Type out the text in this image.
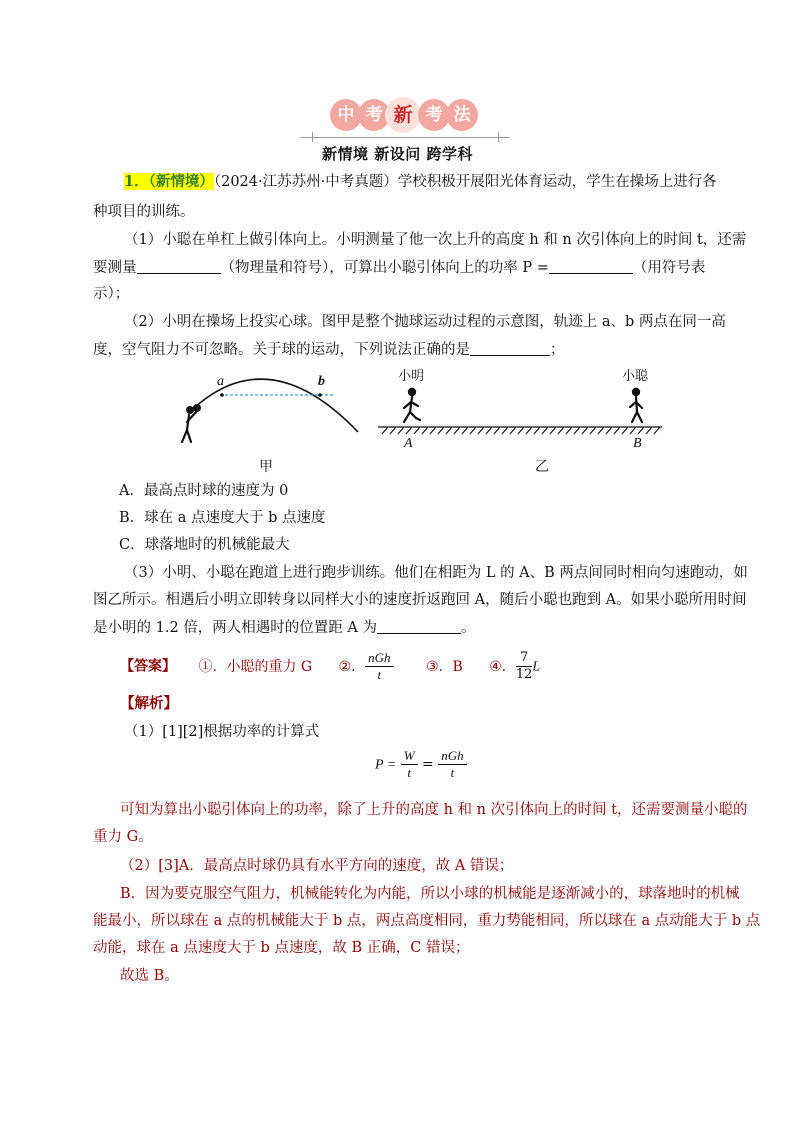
中 考 新 考 法
新情境 新设问 跨学科
1．（新情境）（2024·江苏苏州·中考真题）学校积极开展阳光体育运动，学生在操场上进行各
种项目的训练。
（1）小聪在单杠上做引体向上。小明测量了他一次上升的高度 h 和 n 次引体向上的时间 t，还需
要测量	（物理量和符号），可算出小聪引体向上的功率 P =	（用符号表
示）；
（2）小明在操场上投实心球。图甲是整个抛球运动过程的示意图，轨迹上 a、b 两点在同一高
度，空气阻力不可忽略。关于球的运动，下列说法正确的是	；
a	b
甲
小明	小聪
A	B
乙
A．最高点时球的速度为 0
B．球在 a 点速度大于 b 点速度
C．球落地时的机械能最大
（3）小明、小聪在跑道上进行跑步训练。他们在相距为 L 的 A、B 两点间同时相向匀速跑动，如
图乙所示。相遇后小明立即转身以同样大小的速度折返跑回 A，随后小聪也跑到 A。如果小聪所用时间
是小明的 1.2 倍，两人相遇时的位置距 A 为	。
【答案】 ①．小聪的重力 G ②． $\frac{\text{nGh}}{t}$ ③．B ④． $\frac{7}{12}$ L
【解析】
（1）[1][2]根据功率的计算式
$P = \frac{W}{t} = \frac{\text{nGh}}{t}$
可知为算出小聪引体向上的功率，除了上升的高度 h 和 n 次引体向上的时间 t，还需要测量小聪的
重力 G。
（2）[3]A．最高点时球仍具有水平方向的速度，故 A 错误；
B．因为要克服空气阻力，机械能转化为内能，所以小球的机械能是逐渐减小的，球落地时的机械
能最小，所以球在 a 点的机械能大于 b 点，两点高度相同，重力势能相同，所以球在 a 点动能大于 b 点
动能，球在 a 点速度大于 b 点速度，故 B 正确，C 错误；
故选 B。
